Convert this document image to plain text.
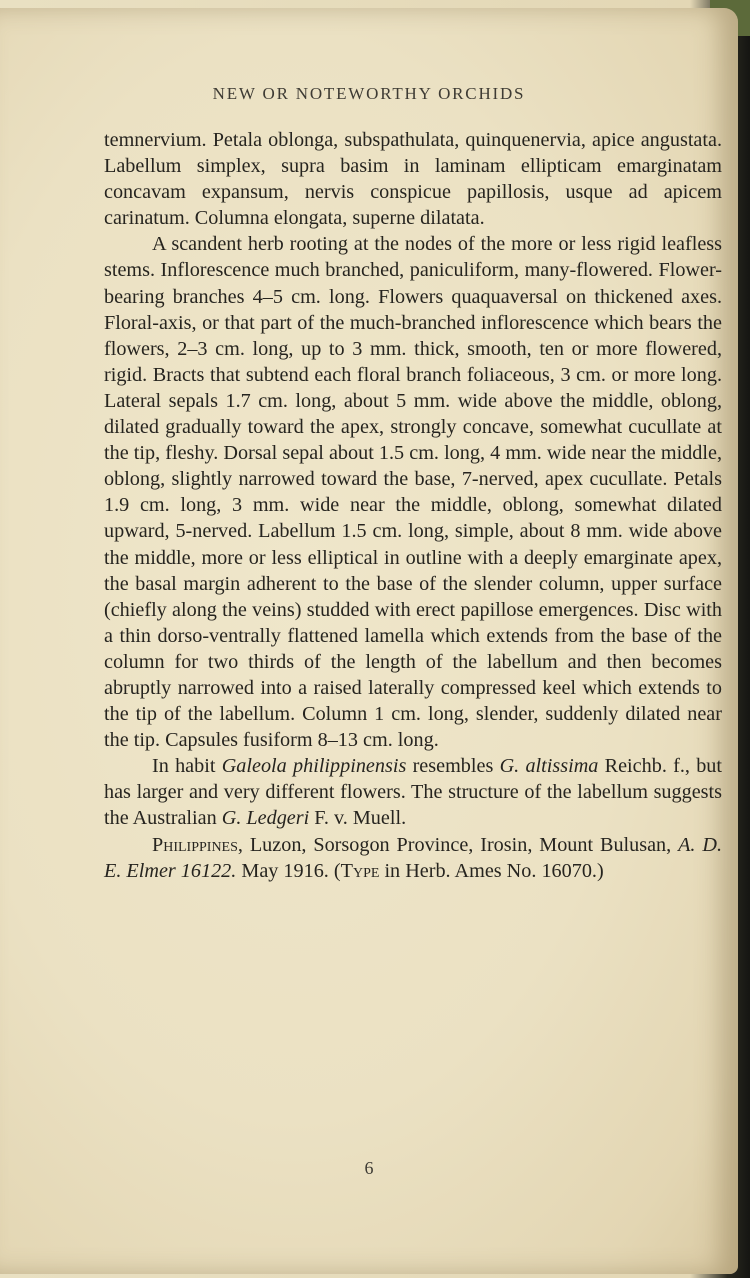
NEW OR NOTEWORTHY ORCHIDS

temnervium. Petala oblonga, subspathulata, quinquenervia, apice angustata. Labellum simplex, supra basim in laminam ellipticam emarginatam concavam expansum, nervis conspicue papillosis, usque ad apicem carinatum. Columna elongata, superne dilatata.

A scandent herb rooting at the nodes of the more or less rigid leafless stems. Inflorescence much branched, paniculiform, many-flowered. Flower-bearing branches 4–5 cm. long. Flowers quaquaversal on thickened axes. Floral-axis, or that part of the much-branched inflorescence which bears the flowers, 2–3 cm. long, up to 3 mm. thick, smooth, ten or more flowered, rigid. Bracts that subtend each floral branch foliaceous, 3 cm. or more long. Lateral sepals 1.7 cm. long, about 5 mm. wide above the middle, oblong, dilated gradually toward the apex, strongly concave, somewhat cucullate at the tip, fleshy. Dorsal sepal about 1.5 cm. long, 4 mm. wide near the middle, oblong, slightly narrowed toward the base, 7-nerved, apex cucullate. Petals 1.9 cm. long, 3 mm. wide near the middle, oblong, somewhat dilated upward, 5-nerved. Labellum 1.5 cm. long, simple, about 8 mm. wide above the middle, more or less elliptical in outline with a deeply emarginate apex, the basal margin adherent to the base of the slender column, upper surface (chiefly along the veins) studded with erect papillose emergences. Disc with a thin dorso-ventrally flattened lamella which extends from the base of the column for two thirds of the length of the labellum and then becomes abruptly narrowed into a raised laterally compressed keel which extends to the tip of the labellum. Column 1 cm. long, slender, suddenly dilated near the tip. Capsules fusiform 8–13 cm. long.

In habit Galeola philippinensis resembles G. altissima Reichb. f., but has larger and very different flowers. The structure of the labellum suggests the Australian G. Ledgeri F. v. Muell.

Philippines, Luzon, Sorsogon Province, Irosin, Mount Bulusan, A. D. E. Elmer 16122. May 1916. (Type in Herb. Ames No. 16070.)

6
